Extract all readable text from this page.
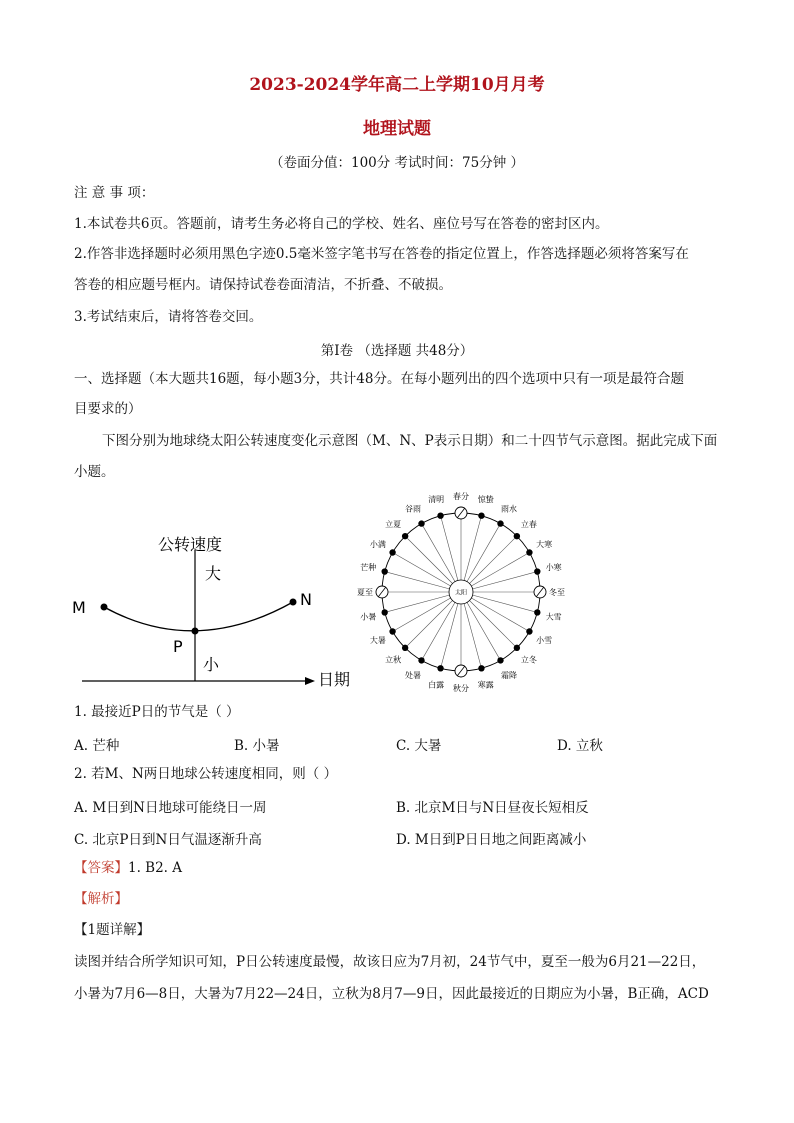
2023-2024学年高二上学期10月月考
地理试题
（卷面分值：100分 考试时间：75分钟 ）
注 意 事 项：
1.本试卷共6页。答题前，请考生务必将自己的学校、姓名、座位号写在答卷的密封区内。
2.作答非选择题时必须用黑色字迹0.5毫米签字笔书写在答卷的指定位置上，作答选择题必须将答案写在
答卷的相应题号框内。请保持试卷卷面清洁，不折叠、不破损。
3.考试结束后，请将答卷交回。
第Ⅰ卷 （选择题 共48分）
一、选择题（本大题共16题，每小题3分，共计48分。在每小题列出的四个选项中只有一项是最符合题
目要求的）
下图分别为地球绕太阳公转速度变化示意图（M、N、P表示日期）和二十四节气示意图。据此完成下面
小题。
公转速度
大
小
日期
M	N
P
太阳
春分
清明
谷雨
立夏
小满
芒种
夏至
小暑
大暑
立秋
处暑
白露 秋分 寒露
霜降
立冬
小雪
大雪
冬至
小寒
大寒
立春
雨水
惊蛰
1. 最接近P日的节气是（ ）
A. 芒种	B. 小暑	C. 大暑	D. 立秋
2. 若M、N两日地球公转速度相同，则（ ）
A. M日到N日地球可能绕日一周	B. 北京M日与N日昼夜长短相反
C. 北京P日到N日气温逐渐升高	D. M日到P日日地之间距离减小
【答案】1. B2. A
【解析】
【1题详解】
读图并结合所学知识可知，P日公转速度最慢，故该日应为7月初，24节气中，夏至一般为6月21—22日，
小暑为7月6—8日，大暑为7月22—24日，立秋为8月7—9日，因此最接近的日期应为小暑，B正确，ACD
